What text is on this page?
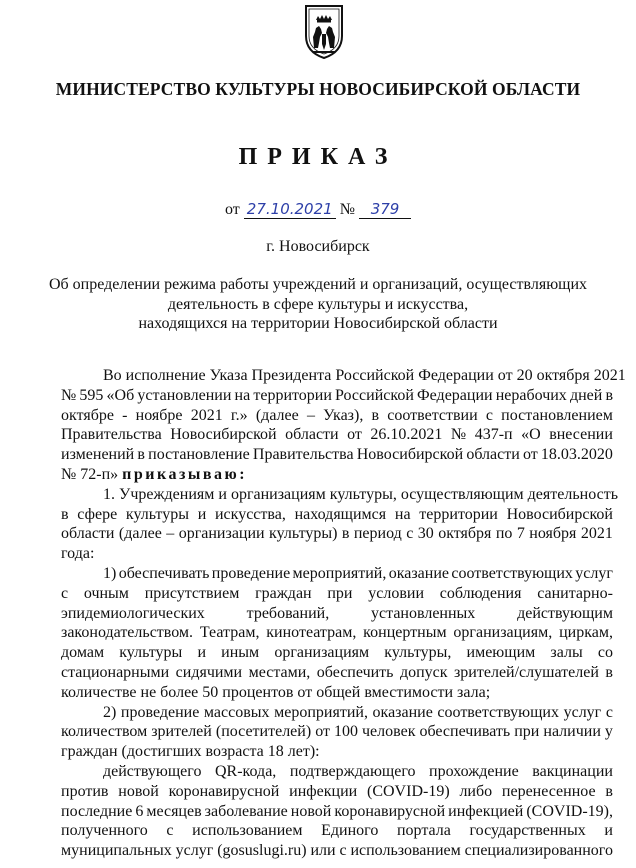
МИНИСТЕРСТВО КУЛЬТУРЫ НОВОСИБИРСКОЙ ОБЛАСТИ
ПРИКАЗ
от 27.10.2021 № 379
г. Новосибирск
Об определении режима работы учреждений и организаций, осуществляющих
деятельность в сфере культуры и искусства,
находящихся на территории Новосибирской области
Во исполнение Указа Президента Российской Федерации от 20 октября 2021
№ 595 «Об установлении на территории Российской Федерации нерабочих дней в
октябре - ноябре 2021 г.» (далее – Указ), в соответствии с постановлением
Правительства Новосибирской области от 26.10.2021 № 437-п «О внесении
изменений в постановление Правительства Новосибирской области от 18.03.2020
№ 72-п» приказываю:
1. Учреждениям и организациям культуры, осуществляющим деятельность
в сфере культуры и искусства, находящимся на территории Новосибирской
области (далее – организации культуры) в период с 30 октября по 7 ноября 2021
года:
1) обеспечивать проведение мероприятий, оказание соответствующих услуг
с очным присутствием граждан при условии соблюдения санитарно-
эпидемиологических	требований,	установленных	действующим
законодательством. Театрам, кинотеатрам, концертным организациям, циркам,
домам культуры и иным организациям культуры, имеющим залы со
стационарными сидячими местами, обеспечить допуск зрителей/слушателей в
количестве не более 50 процентов от общей вместимости зала;
2) проведение массовых мероприятий, оказание соответствующих услуг с
количеством зрителей (посетителей) от 100 человек обеспечивать при наличии у
граждан (достигших возраста 18 лет):
действующего QR-кода, подтверждающего прохождение вакцинации
против новой коронавирусной инфекции (COVID-19) либо перенесенное в
последние 6 месяцев заболевание новой коронавирусной инфекцией (COVID-19),
полученного с использованием Единого портала государственных и
муниципальных услуг (gosuslugi.ru) или с использованием специализированного
